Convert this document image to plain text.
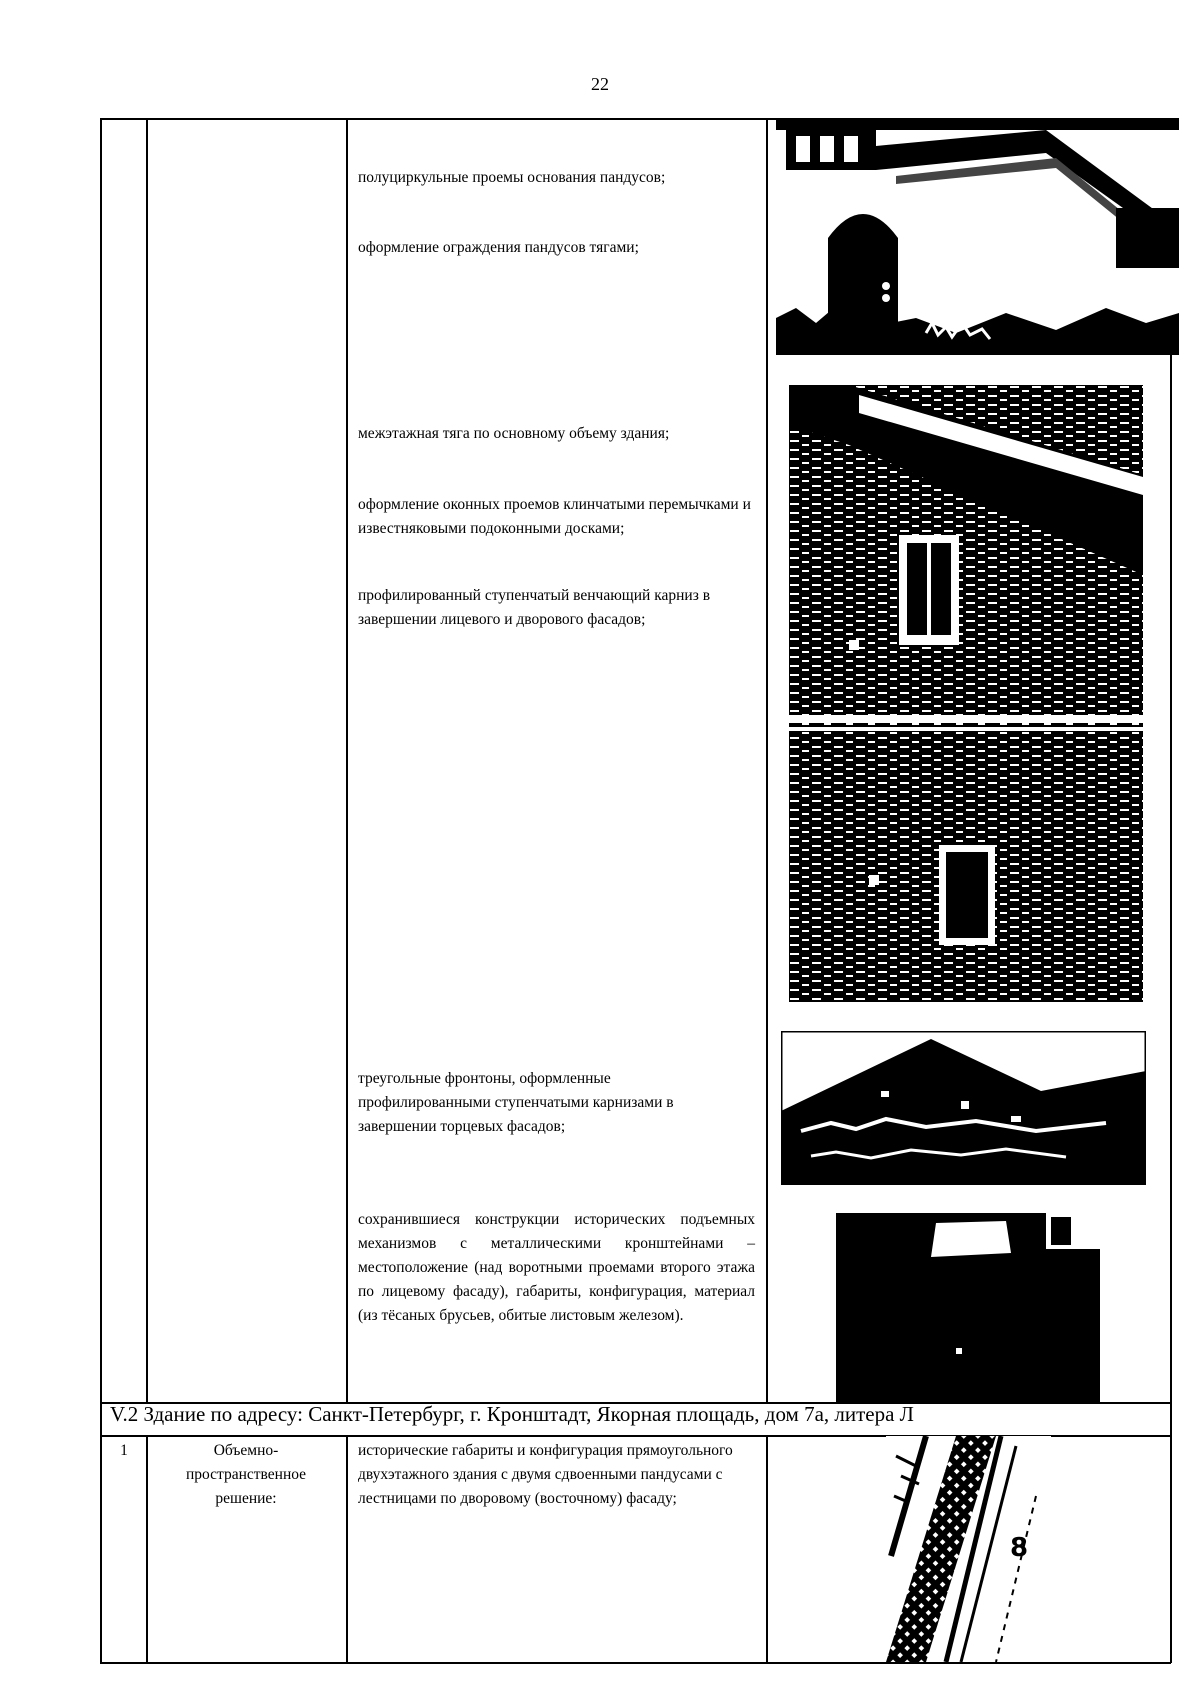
22
полуциркульные проемы основания пандусов;
оформление ограждения пандусов тягами;
межэтажная тяга по основному объему здания;
оформление оконных проемов клинчатыми перемычками и известняковыми подоконными досками;
профилированный ступенчатый венчающий карниз в завершении лицевого и дворового фасадов;
треугольные фронтоны, оформленные профилированными ступенчатыми карнизами в завершении торцевых фасадов;
сохранившиеся конструкции исторических подъемных механизмов с металлическими кронштейнами – местоположение (над воротными проемами второго этажа по лицевому фасаду), габариты, конфигурация, материал (из тёсаных брусьев, обитые листовым железом).
V.2 Здание по адресу: Санкт-Петербург, г. Кронштадт, Якорная площадь, дом 7а, литера Л
1	Объемно-пространственное решение:
исторические габариты и конфигурация прямоугольного двухэтажного здания с двумя сдвоенными пандусами с лестницами по дворовому (восточному) фасаду;
8
